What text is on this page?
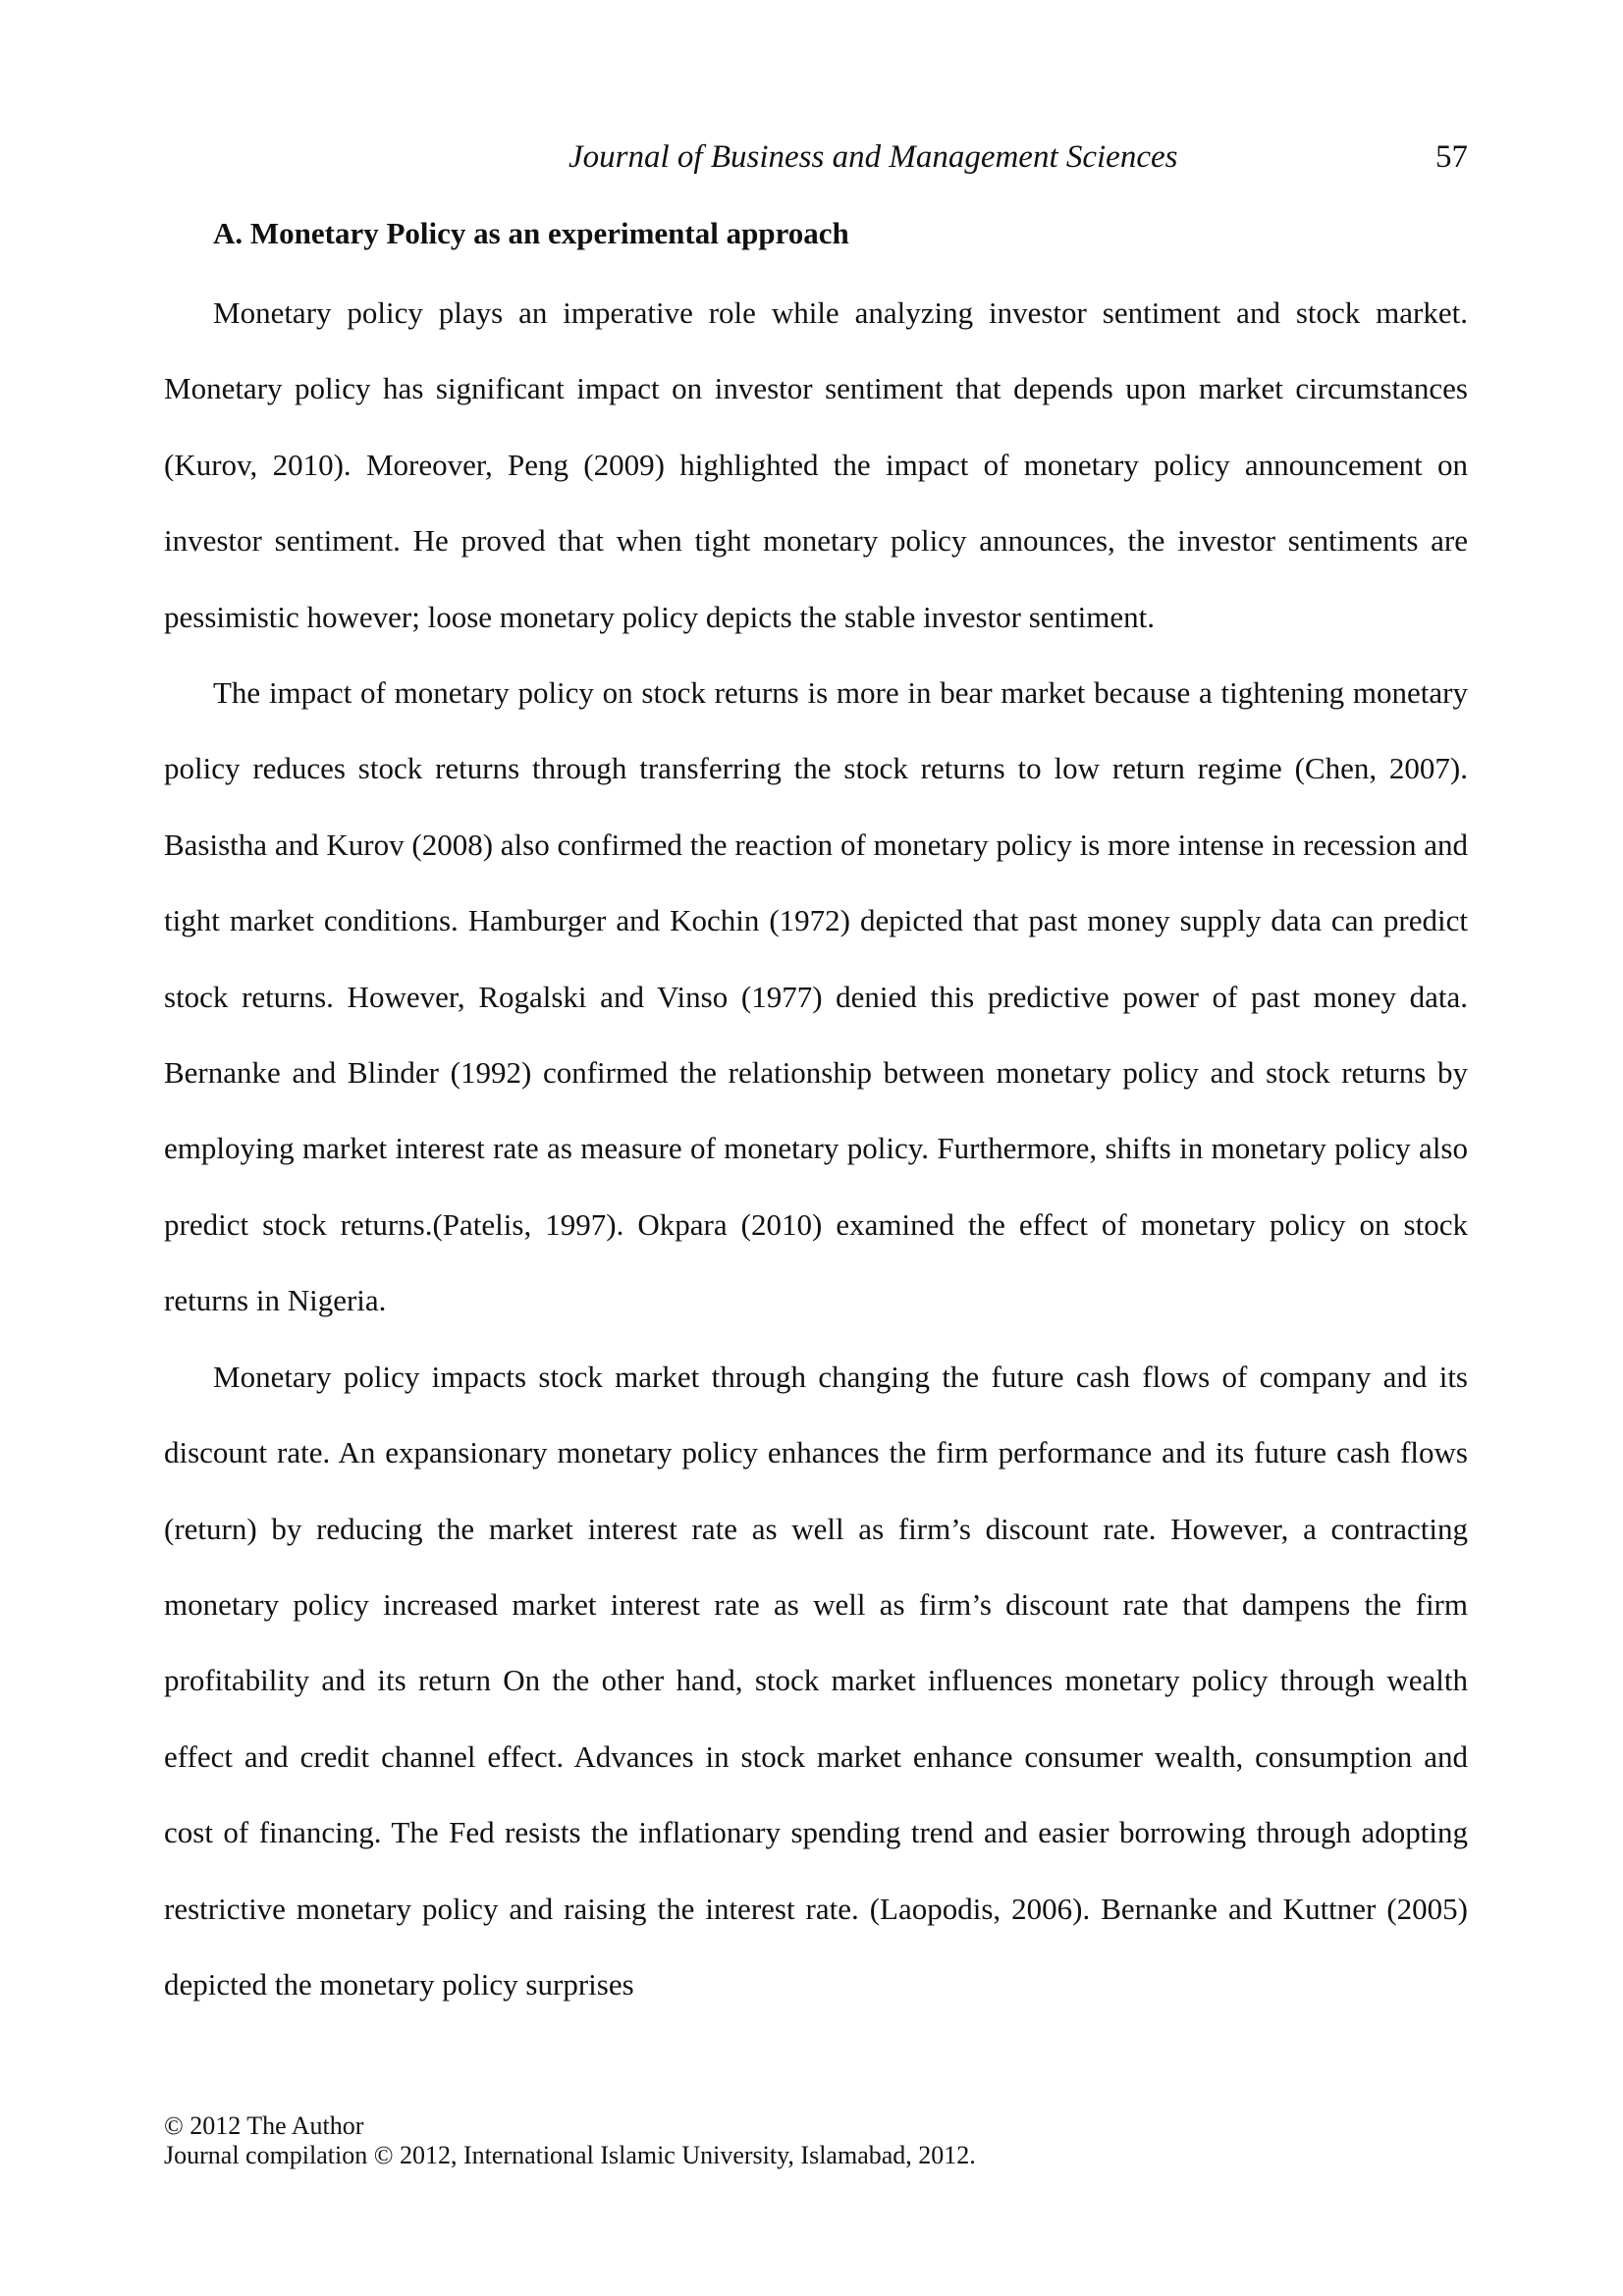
Journal of Business and Management Sciences	57
A. Monetary Policy as an experimental approach

Monetary policy plays an imperative role while analyzing investor sentiment and stock market. Monetary policy has significant impact on investor sentiment that depends upon market circumstances (Kurov, 2010). Moreover, Peng (2009) highlighted the impact of monetary policy announcement on investor sentiment. He proved that when tight monetary policy announces, the investor sentiments are pessimistic however; loose monetary policy depicts the stable investor sentiment.

The impact of monetary policy on stock returns is more in bear market because a tightening monetary policy reduces stock returns through transferring the stock returns to low return regime (Chen, 2007). Basistha and Kurov (2008) also confirmed the reaction of monetary policy is more intense in recession and tight market conditions. Hamburger and Kochin (1972) depicted that past money supply data can predict stock returns. However, Rogalski and Vinso (1977) denied this predictive power of past money data. Bernanke and Blinder (1992) confirmed the relationship between monetary policy and stock returns by employing market interest rate as measure of monetary policy. Furthermore, shifts in monetary policy also predict stock returns.(Patelis, 1997). Okpara (2010) examined the effect of monetary policy on stock returns in Nigeria.

Monetary policy impacts stock market through changing the future cash flows of company and its discount rate. An expansionary monetary policy enhances the firm performance and its future cash flows (return) by reducing the market interest rate as well as firm’s discount rate. However, a contracting monetary policy increased market interest rate as well as firm’s discount rate that dampens the firm profitability and its return On the other hand, stock market influences monetary policy through wealth effect and credit channel effect. Advances in stock market enhance consumer wealth, consumption and cost of financing. The Fed resists the inflationary spending trend and easier borrowing through adopting restrictive monetary policy and raising the interest rate. (Laopodis, 2006). Bernanke and Kuttner (2005) depicted the monetary policy surprises

© 2012 The Author
Journal compilation © 2012, International Islamic University, Islamabad, 2012.
